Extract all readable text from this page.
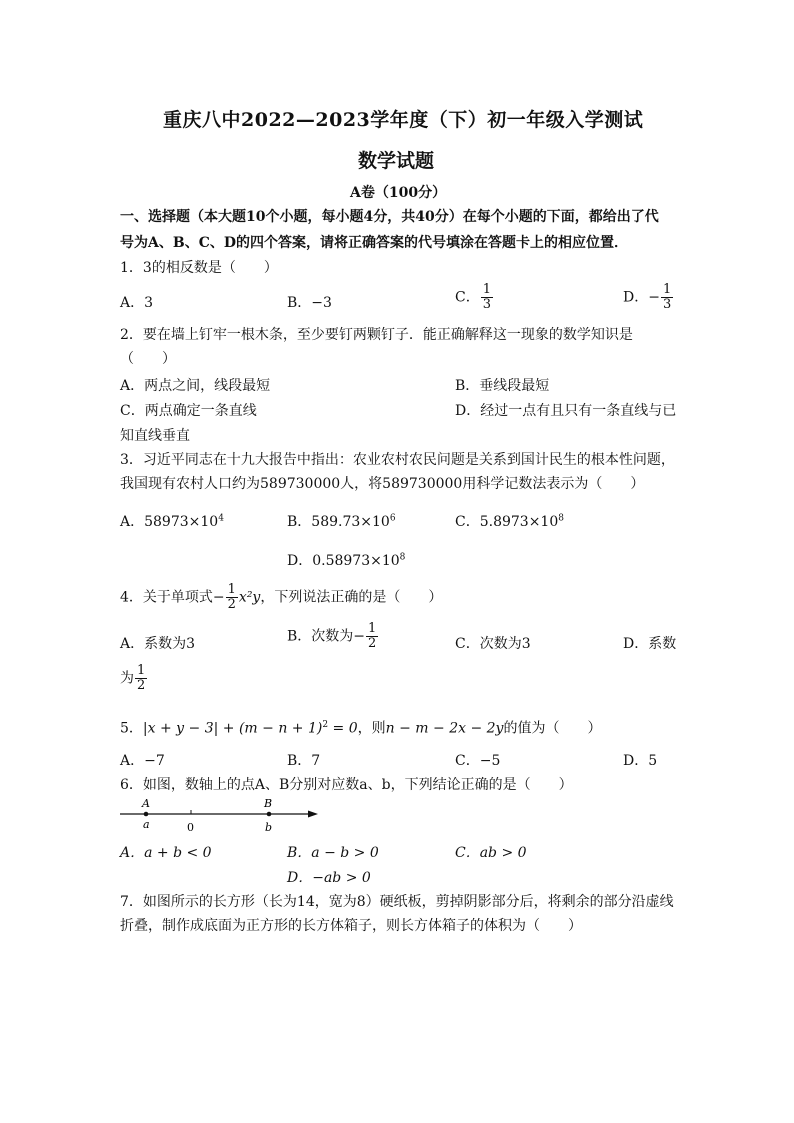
重庆八中2022—2023学年度（下）初一年级入学测试
数学试题
A卷（100分）
一、选择题（本大题10个小题，每小题4分，共40分）在每个小题的下面，都给出了代
号为A、B、C、D的四个答案，请将正确答案的代号填涂在答题卡上的相应位置．
1．3的相反数是（　　）
A．3	B．−3	C． $\frac{1}{3}$	D．− $\frac{1}{3}$
2．要在墙上钉牢一根木条，至少要钉两颗钉子．能正确解释这一现象的数学知识是
（　　）
A．两点之间，线段最短	B．垂线段最短
C．两点确定一条直线	D．经过一点有且只有一条直线与已
知直线垂直
3．习近平同志在十九大报告中指出：农业农村农民问题是关系到国计民生的根本性问题，
我国现有农村人口约为589730000人，将589730000用科学记数法表示为（　　）
A．$58973\times 10^4$	B．$589.73\times 10^6$	C．$5.8973\times 10^8$
D．$0.58973\times 10^8$
4．关于单项式− $\frac{1}{2} x^2y$，下列说法正确的是（　　）
A．系数为3	B．次数为− $\frac{1}{2}$	C．次数为3	D．系数
为 $\frac{1}{2}$
5．$|x + y - 3| + (m - n + 1)^2 = 0$，则n − m − 2x − 2y的值为（　　）
A．−7	B．7	C．−5	D．5
6．如图，数轴上的点A、B分别对应数a、b，下列结论正确的是（　　）
A	B
a	0	b
A．a + b < 0	B．a − b > 0	C．ab > 0
D．−ab > 0
7．如图所示的长方形（长为14，宽为8）硬纸板，剪掉阴影部分后，将剩余的部分沿虚线
折叠，制作成底面为正方形的长方体箱子，则长方体箱子的体积为（　　）
